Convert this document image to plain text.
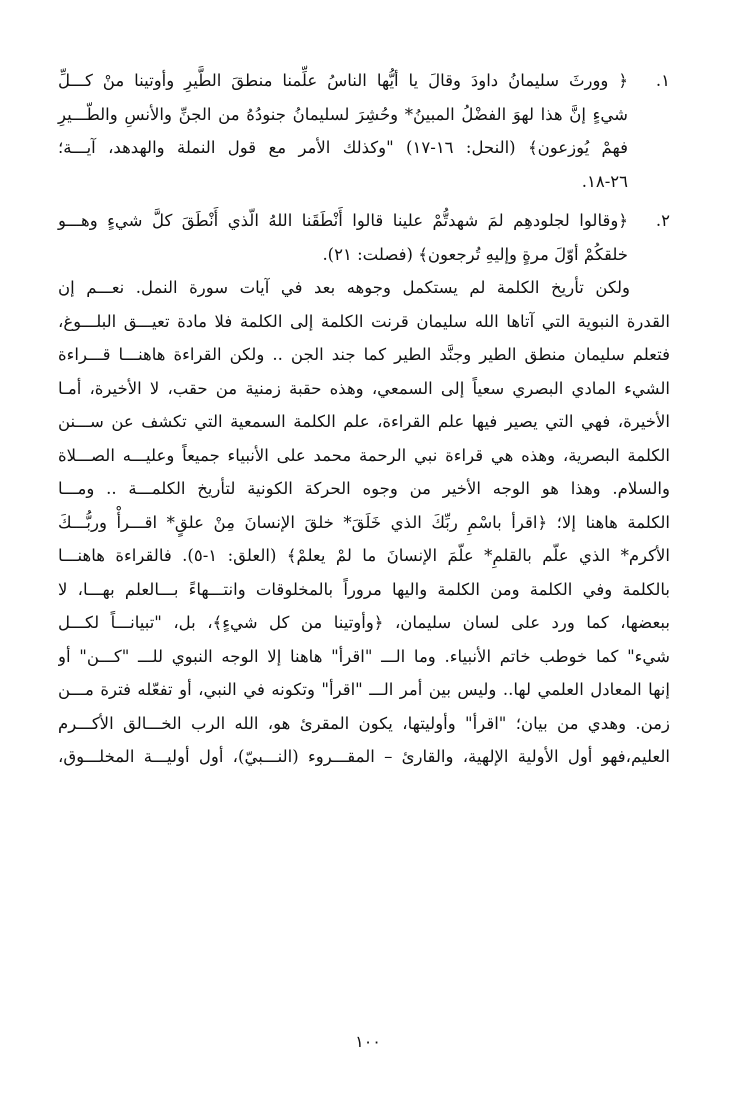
١.
﴿ وورثَ سليمانُ داودَ وقالَ يا أيُّها الناسُ علِّمنا منطقَ الطَّيرِ وأوتينا منْ كـــلِّ
شيءٍ إنَّ هذا لهوَ الفضْلُ المبينُ* وحُشِرَ لسليمانُ جنودُهُ من الجنِّ والأنسِ والطّـــيرِ
فهمْ يُوزعون﴾ (النحل: ١٦-١٧) "وكذلك الأمر مع قول النملة والهدهد، آيـــة؛
٢٦-١٨.
٢.
﴿وقالوا لجلودهِم لمَ شهدتُّمْ علينا قالوا أَنْطَقَنا اللهُ الّذي أَنْطَقَ كلَّ شيءٍ وهـــو
خلقكُمْ أوّلَ مرةٍ وإليهِ تُرجعون﴾ (فصلت: ٢١).
ولكن تأريخ الكلمة لم يستكمل وجوهه بعد في آيات سورة النمل. نعـــم إن
القدرة النبوية التي آتاها الله سليمان قرنت الكلمة إلى الكلمة فلا مادة تعيـــق البلـــوغ،
فتعلم سليمان منطق الطير وجنَّد الطير كما جند الجن .. ولكن القراءة هاهنـــا قـــراءة
الشيء المادي البصري سعياً إلى السمعي، وهذه حقبة زمنية من حقب، لا الأخيرة، أمـا
الأخيرة، فهي التي يصير فيها علم القراءة، علم الكلمة السمعية التي تكشف عن ســـنن
الكلمة البصرية، وهذه هي قراءة نبي الرحمة محمد على الأنبياء جميعاً وعليـــه الصـــلاة
والسلام. وهذا هو الوجه الأخير من وجوه الحركة الكونية لتأريخ الكلمـــة .. ومـــا
الكلمة هاهنا إلا؛ ﴿اقرأ باسْمِ ربِّكَ الذي خَلَقَ* خلقَ الإنسانَ مِنْ علقٍ* اقـــرأْ وربُّـــكَ
الأكرم* الذي علّم بالقلمِ* علّمَ الإنسانَ ما لمْ يعلمْ﴾ (العلق: ١-٥). فالقراءة هاهنـــا
بالكلمة وفي الكلمة ومن الكلمة واليها مروراً بالمخلوقات وانتـــهاءً بـــالعلم بهـــا، لا
ببعضها، كما ورد على لسان سليمان، ﴿وأوتينا من كل شيءٍ﴾، بل، "تبيانـــاً لكـــل
شيء" كما خوطب خاتم الأنبياء. وما الـــ "اقرأ" هاهنا إلا الوجه النبوي للـــ "كـــن" أو
إنها المعادل العلمي لها.. وليس بين أمر الـــ "اقرأ" وتكونه في النبي، أو تفعّله فترة مـــن
زمن. وهدي من بيان؛ "اقرأ" وأوليتها، يكون المقرئ هو، الله الرب الخـــالق الأكـــرم
العليم،فهو أول الأولية الإلهية، والقارئ – المقـــروء (النـــبيّ)، أول أوليـــة المخلـــوق،
١٠٠
